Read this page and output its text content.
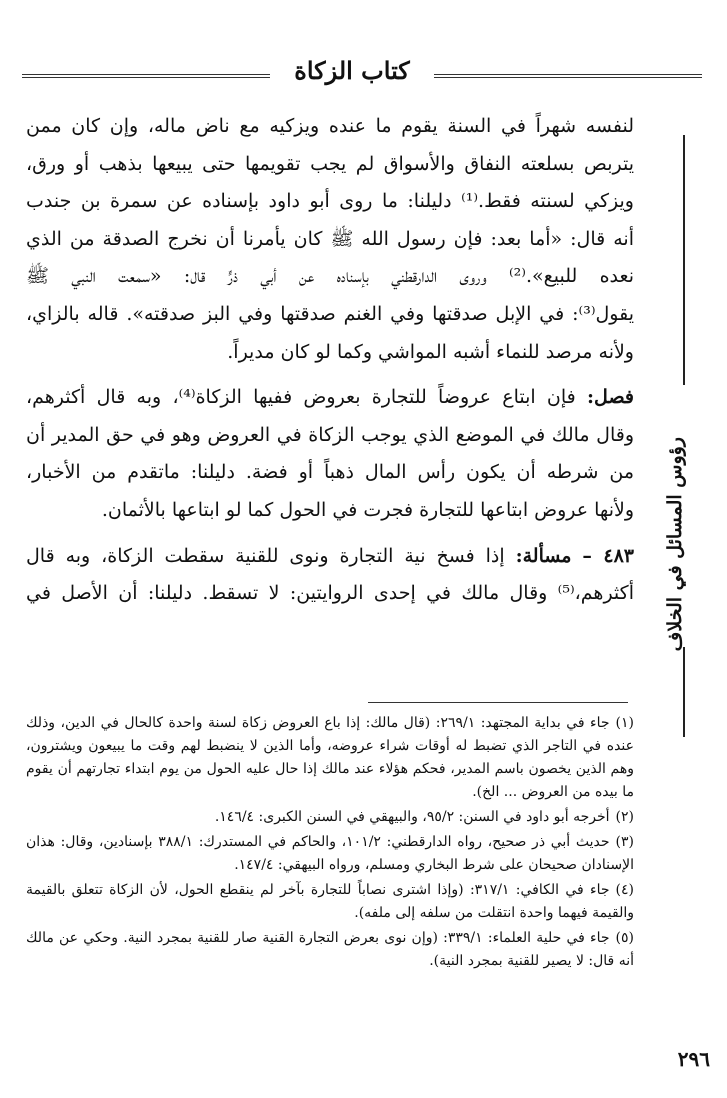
كتاب الزكاة
رؤوس المسائل في الخلاف

لنفسه شهراً في السنة يقوم ما عنده ويزكيه مع ناض ماله، وإن كان ممن

يتربص بسلعته النفاق والأسواق لم يجب تقويمها حتى يبيعها بذهب أو ورق،

ويزكي لسنته فقط.⁽¹⁾ دليلنا: ما روى أبو داود بإسناده عن سمرة بن جندب

أنه قال: «أما بعد: فإن رسول الله ﷺ كان يأمرنا أن نخرج الصدقة من الذي

نعده للبيع».⁽²⁾ وروى الدارقطني بإسناده عن أبي ذرٍّ قال: «سمعت النبي ﷺ

يقول⁽³⁾: في الإبل صدقتها وفي الغنم صدقتها وفي البز صدقته». قاله بالزاي،

ولأنه مرصد للنماء أشبه المواشي وكما لو كان مديراً.

فصل: فإن ابتاع عروضاً للتجارة بعروض ففيها الزكاة⁽⁴⁾، وبه قال أكثرهم،

وقال مالك في الموضع الذي يوجب الزكاة في العروض وهو في حق المدير أن

من شرطه أن يكون رأس المال ذهباً أو فضة. دليلنا: ماتقدم من الأخبار،

ولأنها عروض ابتاعها للتجارة فجرت في الحول كما لو ابتاعها بالأثمان.

٤٨٣ – مسألة: إذا فسخ نية التجارة ونوى للقنية سقطت الزكاة، وبه قال

أكثرهم،⁽⁵⁾ وقال مالك في إحدى الروايتين: لا تسقط. دليلنا: أن الأصل في

(١)جاء في بداية المجتهد: ٢٦٩/١: (قال مالك: إذا باع العروض زكاة لسنة واحدة كالحال في الدين، وذلك عنده في التاجر الذي تضبط له أوقات شراء عروضه، وأما الذين لا ينضبط لهم وقت ما يبيعون ويشترون، وهم الذين يخصون باسم المدير، فحكم هؤلاء عند مالك إذا حال عليه الحول من يوم ابتداء تجارتهم أن يقوم ما بيده من العروض ... الخ).

(٢)أخرجه أبو داود في السنن: ٩٥/٢، والبيهقي في السنن الكبرى: ١٤٦/٤.

(٣)حديث أبي ذر صحيح، رواه الدارقطني: ١٠١/٢، والحاكم في المستدرك: ٣٨٨/١ بإسنادين، وقال: هذان الإسنادان صحيحان على شرط البخاري ومسلم، ورواه البيهقي: ١٤٧/٤.

(٤)جاء في الكافي: ٣١٧/١: (وإذا اشترى نصاباً للتجارة بآخر لم ينقطع الحول، لأن الزكاة تتعلق بالقيمة والقيمة فيهما واحدة انتقلت من سلفه إلى ملفه).

(٥)جاء في حلية العلماء: ٣٣٩/١: (وإن نوى بعرض التجارة القنية صار للقنية بمجرد النية. وحكي عن مالك أنه قال: لا يصير للقنية بمجرد النية).

٢٩٦
